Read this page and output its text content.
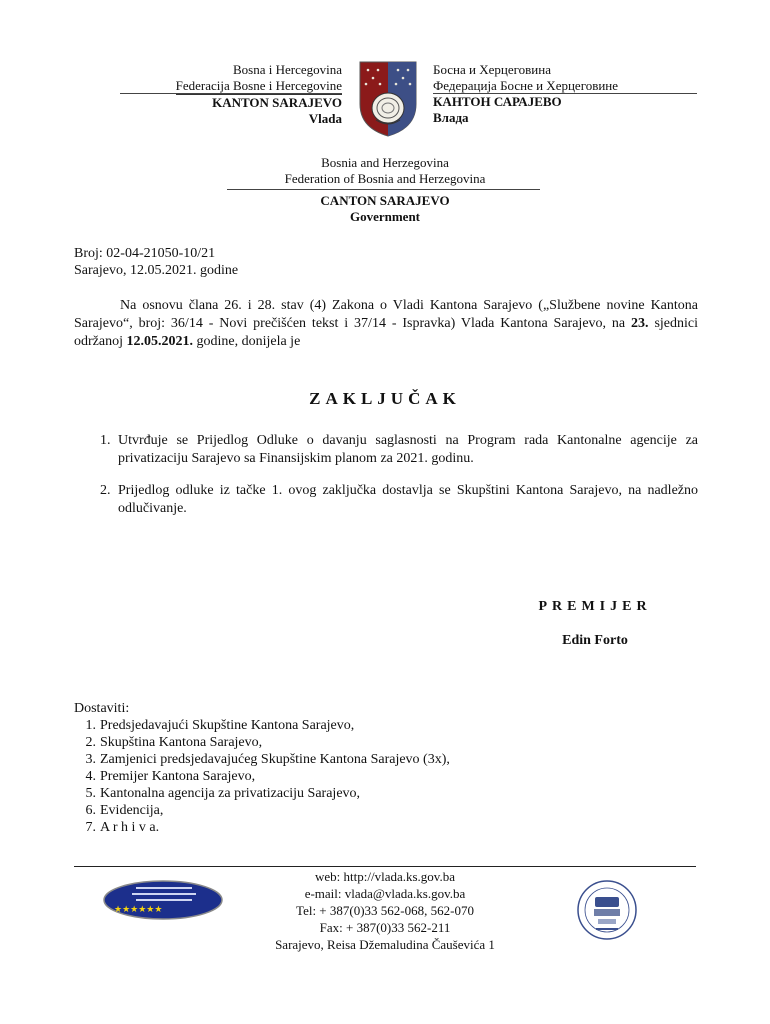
Bosna i Hercegovina
Federacija Bosne i Hercegovine
KANTON SARAJEVO
Vlada
Босна и Херцеговина
Федерација Босне и Херцеговине
КАНТОН САРАЈЕВО
Влада
Bosnia and Herzegovina
Federation of Bosnia and Herzegovina
CANTON SARAJEVO
Government
Broj: 02-04-21050-10/21
Sarajevo, 12.05.2021. godine
Na osnovu člana 26. i 28. stav (4) Zakona o Vladi Kantona Sarajevo („Službene novine Kantona Sarajevo“, broj: 36/14 - Novi prečišćen tekst i 37/14 - Ispravka) Vlada Kantona Sarajevo, na 23. sjednici održanoj 12.05.2021. godine, donijela je
ZAKLJUČAK
1. Utvrđuje se Prijedlog Odluke o davanju saglasnosti na Program rada Kantonalne agencije za privatizaciju Sarajevo sa Finansijskim planom za 2021. godinu.
2. Prijedlog odluke iz tačke 1. ovog zaključka dostavlja se Skupštini Kantona Sarajevo, na nadležno odlučivanje.
PREMIJER
Edin Forto
Dostaviti:
1. Predsjedavajući Skupštine Kantona Sarajevo,
2. Skupština Kantona Sarajevo,
3. Zamjenici predsjedavajućeg Skupštine Kantona Sarajevo (3x),
4. Premijer Kantona Sarajevo,
5. Kantonalna agencija za privatizaciju Sarajevo,
6. Evidencija,
7. A r h i v a.
★★★★★★
web: http://vlada.ks.gov.ba
e-mail: vlada@vlada.ks.gov.ba
Tel: + 387(0)33 562-068, 562-070
Fax: + 387(0)33 562-211
Sarajevo, Reisa Džemaludina Čauševića 1
